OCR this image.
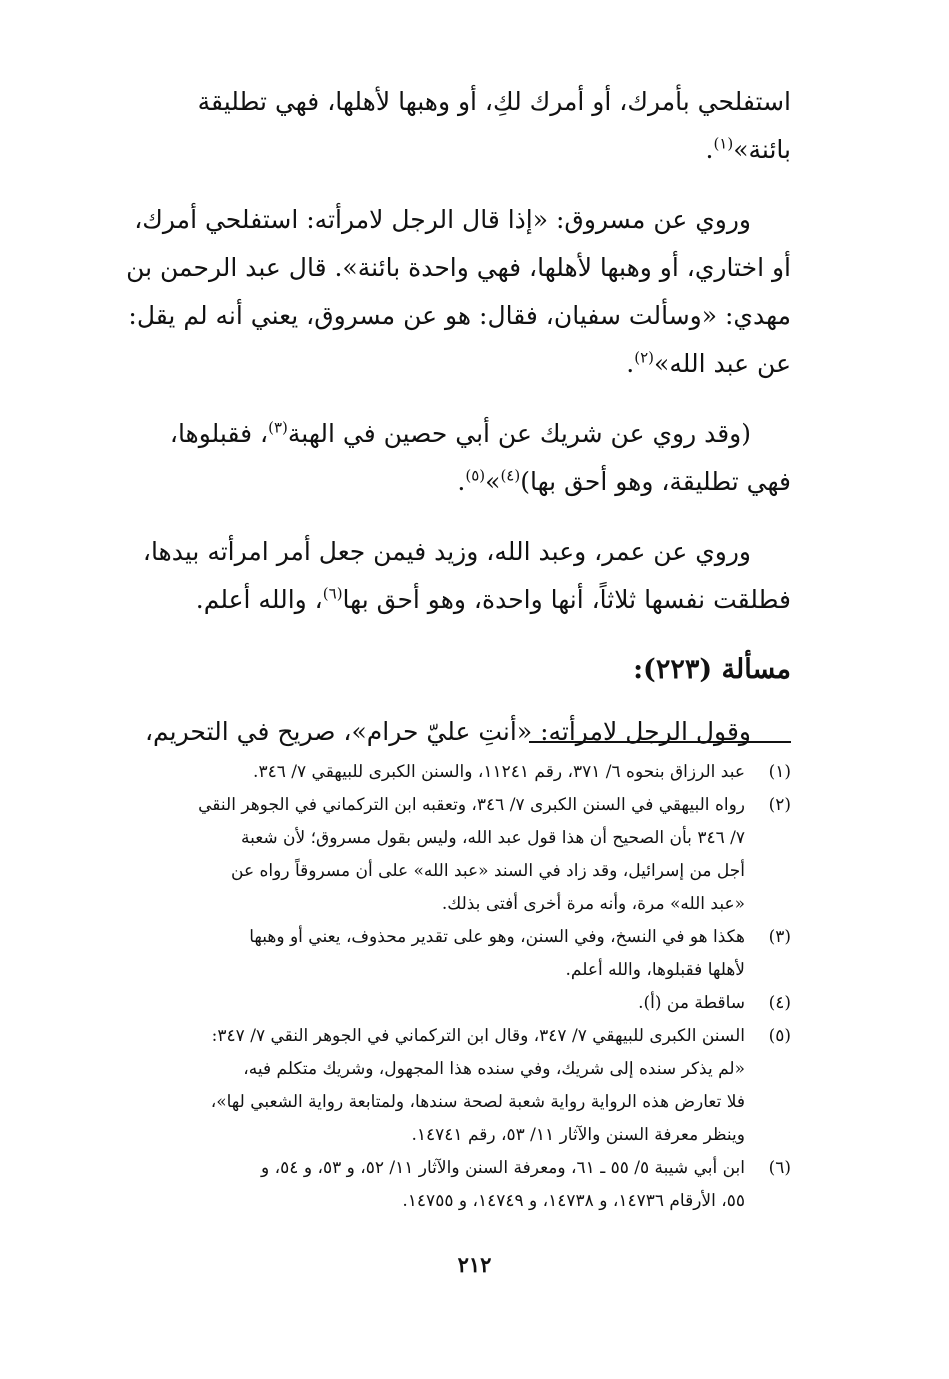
استفلحي بأمرك، أو أمرك لكِ، أو وهبها لأهلها، فهي تطليقة
بائنة»$^{(١)}$.
وروي عن مسروق: «إذا قال الرجل لامرأته: استفلحي أمرك،
أو اختاري، أو وهبها لأهلها، فهي واحدة بائنة». قال عبد الرحمن بن
مهدي: «وسألت سفيان، فقال: هو عن مسروق، يعني أنه لم يقل:
عن عبد الله»$^{(٢)}$.
(وقد روي عن شريك عن أبي حصين في الهبة$^{(٣)}$، فقبلوها،
فهي تطليقة، وهو أحق بها)$^{(٤)}$»$^{(٥)}$.
وروي عن عمر، وعبد الله، وزيد فيمن جعل أمر امرأته بيدها،
فطلقت نفسها ثلاثاً، أنها واحدة، وهو أحق بها$^{(٦)}$، والله أعلم.
مسألة (٢٢٣):
وقول الرجل لامرأته: «أنتِ عليّ حرام»، صريح في التحريم،
(١)
عبد الرزاق بنحوه ٦/ ٣٧١، رقم ١١٢٤١، والسنن الكبرى للبيهقي ٧/ ٣٤٦.
(٢)
رواه البيهقي في السنن الكبرى ٧/ ٣٤٦، وتعقبه ابن التركماني في الجوهر النقي
٧/ ٣٤٦ بأن الصحيح أن هذا قول عبد الله، وليس بقول مسروق؛ لأن شعبة
أجل من إسرائيل، وقد زاد في السند «عبد الله» على أن مسروقاً رواه عن
«عبد الله» مرة، وأنه مرة أخرى أفتى بذلك.
(٣)
هكذا هو في النسخ، وفي السنن، وهو على تقدير محذوف، يعني أو وهبها
لأهلها فقبلوها، والله أعلم.
(٤)
ساقطة من (أ).
(٥)
السنن الكبرى للبيهقي ٧/ ٣٤٧، وقال ابن التركماني في الجوهر النقي ٧/ ٣٤٧:
«لم يذكر سنده إلى شريك، وفي سنده هذا المجهول، وشريك متكلم فيه،
فلا تعارض هذه الرواية رواية شعبة لصحة سندها، ولمتابعة رواية الشعبي لها»،
وينظر معرفة السنن والآثار ١١/ ٥٣، رقم ١٤٧٤١.
(٦)
ابن أبي شيبة ٥/ ٥٥ ـ ٦١، ومعرفة السنن والآثار ١١/ ٥٢، و ٥٣، و ٥٤، و
٥٥، الأرقام ١٤٧٣٦، و ١٤٧٣٨، و ١٤٧٤٩، و ١٤٧٥٥.
٢١٢
